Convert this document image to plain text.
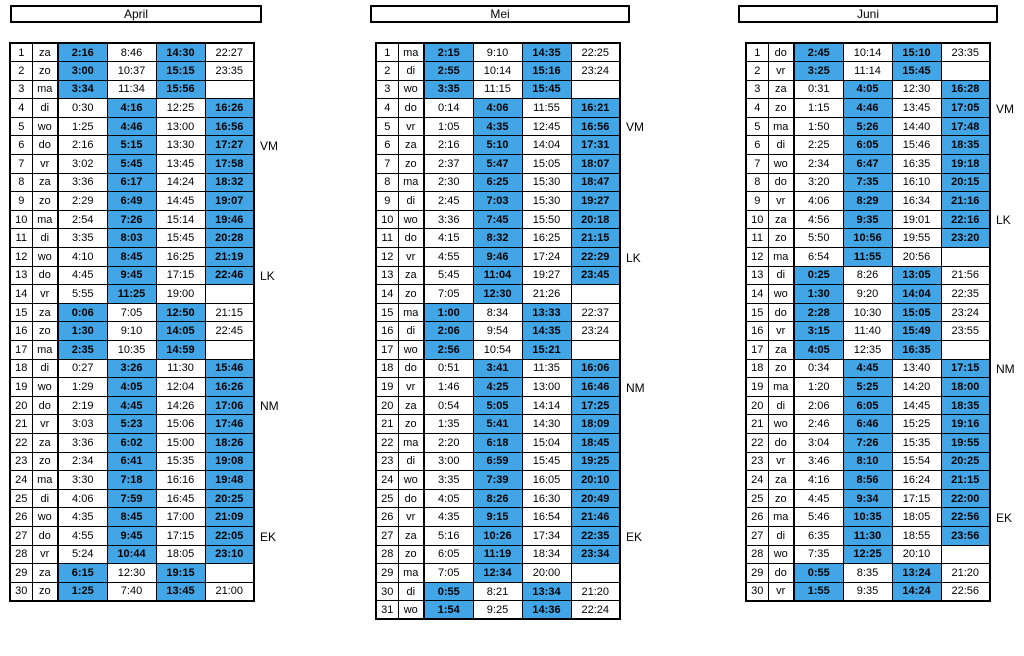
April
1	za	2:16	8:46	14:30	22:27
2	zo	3:00	10:37	15:15	23:35
3	ma	3:34	11:34	15:56	
4	di	0:30	4:16	12:25	16:26
5	wo	1:25	4:46	13:00	16:56
6	do	2:16	5:15	13:30	17:27
7	vr	3:02	5:45	13:45	17:58
8	za	3:36	6:17	14:24	18:32
9	zo	2:29	6:49	14:45	19:07
10	ma	2:54	7:26	15:14	19:46
11	di	3:35	8:03	15:45	20:28
12	wo	4:10	8:45	16:25	21:19
13	do	4:45	9:45	17:15	22:46
14	vr	5:55	11:25	19:00	
15	za	0:06	7:05	12:50	21:15
16	zo	1:30	9:10	14:05	22:45
17	ma	2:35	10:35	14:59	
18	di	0:27	3:26	11:30	15:46
19	wo	1:29	4:05	12:04	16:26
20	do	2:19	4:45	14:26	17:06
21	vr	3:03	5:23	15:06	17:46
22	za	3:36	6:02	15:00	18:26
23	zo	2:34	6:41	15:35	19:08
24	ma	3:30	7:18	16:16	19:48
25	di	4:06	7:59	16:45	20:25
26	wo	4:35	8:45	17:00	21:09
27	do	4:55	9:45	17:15	22:05
28	vr	5:24	10:44	18:05	23:10
29	za	6:15	12:30	19:15	
30	zo	1:25	7:40	13:45	21:00
Mei
1	ma	2:15	9:10	14:35	22:25
2	di	2:55	10:14	15:16	23:24
3	wo	3:35	11:15	15:45	
4	do	0:14	4:06	11:55	16:21
5	vr	1:05	4:35	12:45	16:56
6	za	2:16	5:10	14:04	17:31
7	zo	2:37	5:47	15:05	18:07
8	ma	2:30	6:25	15:30	18:47
9	di	2:45	7:03	15:30	19:27
10	wo	3:36	7:45	15:50	20:18
11	do	4:15	8:32	16:25	21:15
12	vr	4:55	9:46	17:24	22:29
13	za	5:45	11:04	19:27	23:45
14	zo	7:05	12:30	21:26	
15	ma	1:00	8:34	13:33	22:37
16	di	2:06	9:54	14:35	23:24
17	wo	2:56	10:54	15:21	
18	do	0:51	3:41	11:35	16:06
19	vr	1:46	4:25	13:00	16:46
20	za	0:54	5:05	14:14	17:25
21	zo	1:35	5:41	14:30	18:09
22	ma	2:20	6:18	15:04	18:45
23	di	3:00	6:59	15:45	19:25
24	wo	3:35	7:39	16:05	20:10
25	do	4:05	8:26	16:30	20:49
26	vr	4:35	9:15	16:54	21:46
27	za	5:16	10:26	17:34	22:35
28	zo	6:05	11:19	18:34	23:34
29	ma	7:05	12:34	20:00	
30	di	0:55	8:21	13:34	21:20
31	wo	1:54	9:25	14:36	22:24
Juni
1	do	2:45	10:14	15:10	23:35
2	vr	3:25	11:14	15:45	
3	za	0:31	4:05	12:30	16:28
4	zo	1:15	4:46	13:45	17:05
5	ma	1:50	5:26	14:40	17:48
6	di	2:25	6:05	15:46	18:35
7	wo	2:34	6:47	16:35	19:18
8	do	3:20	7:35	16:10	20:15
9	vr	4:06	8:29	16:34	21:16
10	za	4:56	9:35	19:01	22:16
11	zo	5:50	10:56	19:55	23:20
12	ma	6:54	11:55	20:56	
13	di	0:25	8:26	13:05	21:56
14	wo	1:30	9:20	14:04	22:35
15	do	2:28	10:30	15:05	23:24
16	vr	3:15	11:40	15:49	23:55
17	za	4:05	12:35	16:35	
18	zo	0:34	4:45	13:40	17:15
19	ma	1:20	5:25	14:20	18:00
20	di	2:06	6:05	14:45	18:35
21	wo	2:46	6:46	15:25	19:16
22	do	3:04	7:26	15:35	19:55
23	vr	3:46	8:10	15:54	20:25
24	za	4:16	8:56	16:24	21:15
25	zo	4:45	9:34	17:15	22:00
26	ma	5:46	10:35	18:05	22:56
27	di	6:35	11:30	18:55	23:56
28	wo	7:35	12:25	20:10	
29	do	0:55	8:35	13:24	21:20
30	vr	1:55	9:35	14:24	22:56
VM
LK
NM
EK
VM
LK
NM
EK
VM
LK
NM
EK
